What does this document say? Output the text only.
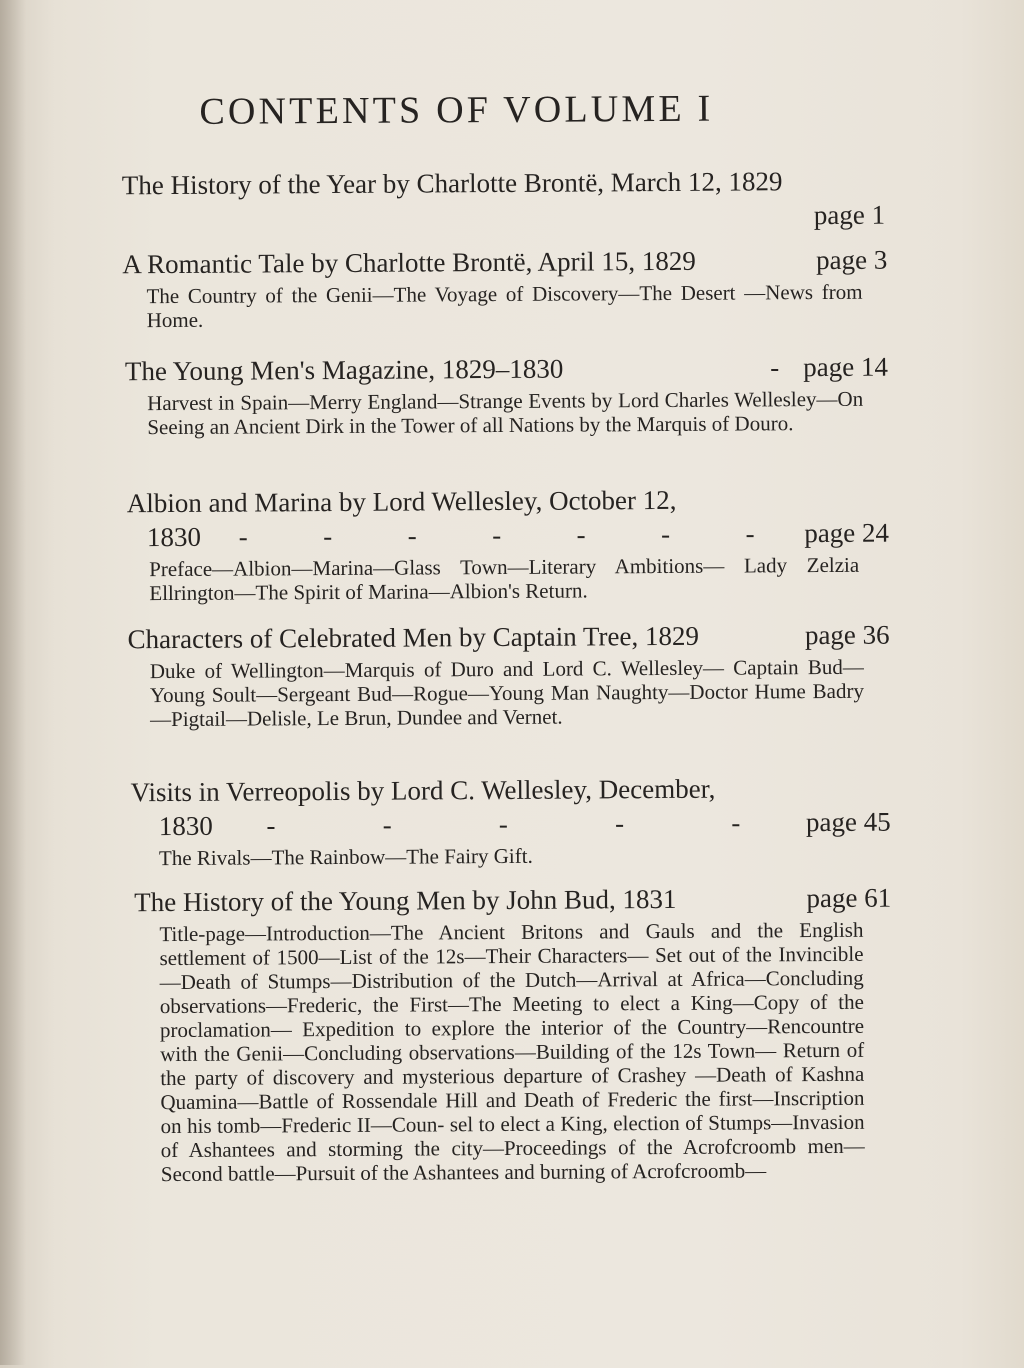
CONTENTS OF VOLUME I
The History of the Year by Charlotte Brontë, March 12, 1829
page 1
A Romantic Tale by Charlotte Brontë, April 15, 1829	page 3
The Country of the Genii—The Voyage of Discovery—The Desert —News from Home.
The Young Men's Magazine, 1829–1830	- page 14
Harvest in Spain—Merry England—Strange Events by Lord Charles Wellesley—On Seeing an Ancient Dirk in the Tower of all Nations by the Marquis of Douro.
Albion and Marina by Lord Wellesley, October 12,
1830	-	-	-	-	-	-	-	page 24
Preface—Albion—Marina—Glass Town—Literary Ambitions— Lady Zelzia Ellrington—The Spirit of Marina—Albion's Return.
Characters of Celebrated Men by Captain Tree, 1829	page 36
Duke of Wellington—Marquis of Duro and Lord C. Wellesley— Captain Bud—Young Soult—Sergeant Bud—Rogue—Young Man Naughty—Doctor Hume Badry—Pigtail—Delisle, Le Brun, Dundee and Vernet.
Visits in Verreopolis by Lord C. Wellesley, December,
1830	-	-	-	-	-	page 45
The Rivals—The Rainbow—The Fairy Gift.
The History of the Young Men by John Bud, 1831	page 61
Title-page—Introduction—The Ancient Britons and Gauls and the English settlement of 1500—List of the 12s—Their Characters— Set out of the Invincible—Death of Stumps—Distribution of the Dutch—Arrival at Africa—Concluding observations—Frederic, the First—The Meeting to elect a King—Copy of the proclamation— Expedition to explore the interior of the Country—Rencountre with the Genii—Concluding observations—Building of the 12s Town— Return of the party of discovery and mysterious departure of Crashey —Death of Kashna Quamina—Battle of Rossendale Hill and Death of Frederic the first—Inscription on his tomb—Frederic II—Coun- sel to elect a King, election of Stumps—Invasion of Ashantees and storming the city—Proceedings of the Acrofcroomb men—Second battle—Pursuit of the Ashantees and burning of Acrofcroomb—
